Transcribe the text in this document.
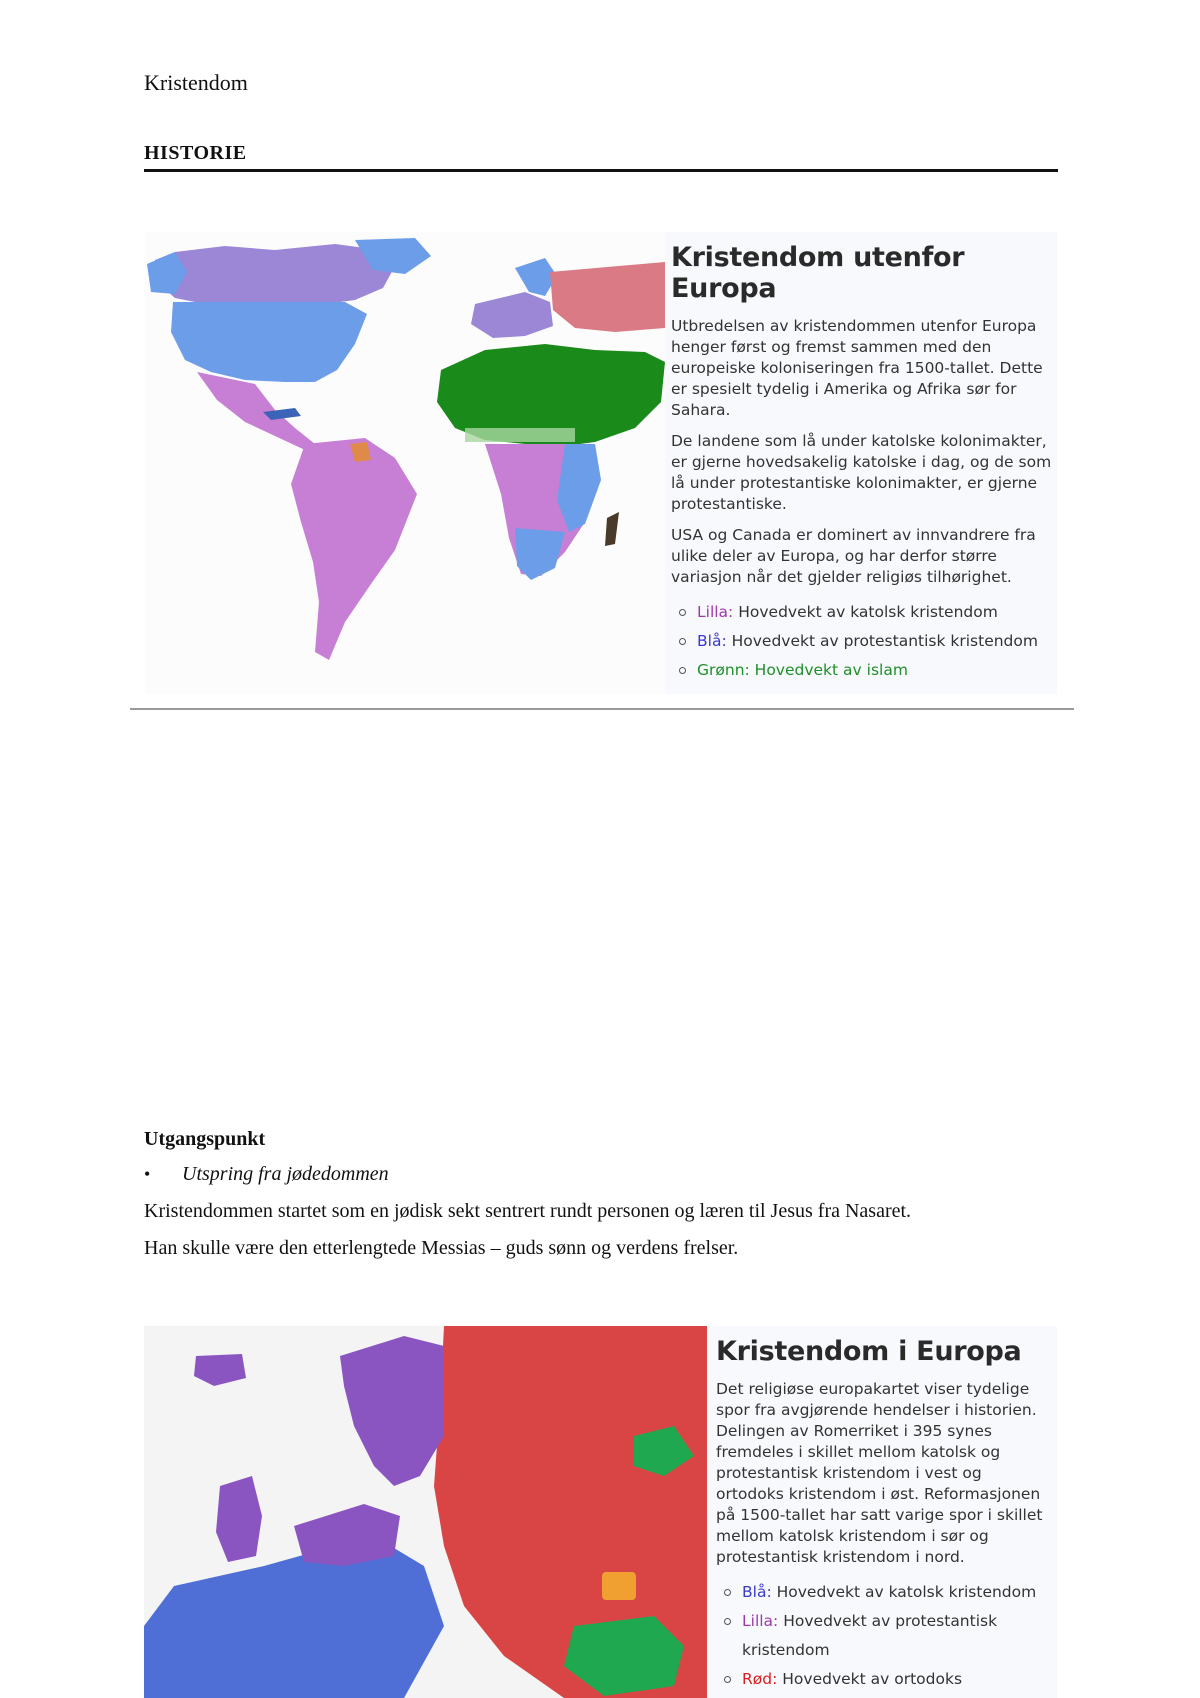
Kristendom
HISTORIE
Kristendom utenfor Europa

Utbredelsen av kristendommen utenfor Europa henger først og fremst sammen med den europeiske koloniseringen fra 1500-tallet. Dette er spesielt tydelig i Amerika og Afrika sør for Sahara.

De landene som lå under katolske kolonimakter, er gjerne hovedsakelig katolske i dag, og de som lå under protestantiske kolonimakter, er gjerne protestantiske.

USA og Canada er dominert av innvandrere fra ulike deler av Europa, og har derfor større variasjon når det gjelder religiøs tilhørighet.

Lilla: Hovedvekt av katolsk kristendom
Blå: Hovedvekt av protestantisk kristendom
Grønn: Hovedvekt av islam
Utgangspunkt
•	Utspring fra jødedommen

Kristendommen startet som en jødisk sekt sentrert rundt personen og læren til Jesus fra Nasaret.

Han skulle være den etterlengtede Messias – guds sønn og verdens frelser.

Kristendom i Europa

Det religiøse europakartet viser tydelige spor fra avgjørende hendelser i historien. Delingen av Romerriket i 395 synes fremdeles i skillet mellom katolsk og protestantisk kristendom i vest og ortodoks kristendom i øst. Reformasjonen på 1500-tallet har satt varige spor i skillet mellom katolsk kristendom i sør og protestantisk kristendom i nord.

Blå: Hovedvekt av katolsk kristendom
Lilla: Hovedvekt av protestantisk kristendom
Rød: Hovedvekt av ortodoks
